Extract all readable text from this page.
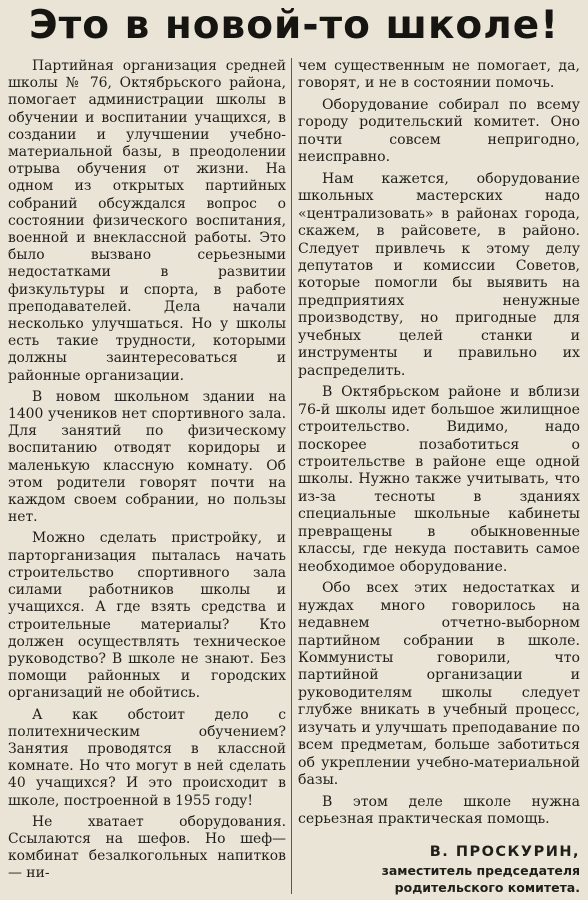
Это в новой-то школе!

Партийная организация средней школы № 76, Октябрьского района, помогает администрации школы в обучении и воспитании учащихся, в создании и улучшении учебно-материальной базы, в преодолении отрыва обучения от жизни. На одном из открытых партийных собраний обсуждался вопрос о состоянии физического воспитания, военной и внеклассной работы. Это было вызвано серьезными недостатками в развитии физкультуры и спорта, в работе преподавателей. Дела начали несколько улучшаться. Но у школы есть такие трудности, которыми должны заинтересоваться и районные организации.

В новом школьном здании на 1400 учеников нет спортивного зала. Для занятий по физическому воспитанию отводят коридоры и маленькую классную комнату. Об этом родители говорят почти на каждом своем собрании, но пользы нет.

Можно сделать пристройку, и парторганизация пыталась начать строительство спортивного зала силами работников школы и учащихся. А где взять средства и строительные материалы? Кто должен осуществлять техническое руководство? В школе не знают. Без помощи районных и городских организаций не обойтись.

А как обстоит дело с политехническим обучением? Занятия проводятся в классной комнате. Но что могут в ней сделать 40 учащихся? И это происходит в школе, построенной в 1955 году!

Не хватает оборудования. Ссылаются на шефов. Но шеф—комбинат безалкогольных напитков — ни-

чем существенным не помогает, да, говорят, и не в состоянии помочь.

Оборудование собирал по всему городу родительский комитет. Оно почти совсем непригодно, неисправно.

Нам кажется, оборудование школьных мастерских надо «централизовать» в районах города, скажем, в райсовете, в районо. Следует привлечь к этому делу депутатов и комиссии Советов, которые помогли бы выявить на предприятиях ненужные производству, но пригодные для учебных целей станки и инструменты и правильно их распределить.

В Октябрьском районе и вблизи 76-й школы идет большое жилищное строительство. Видимо, надо поскорее позаботиться о строительстве в районе еще одной школы. Нужно также учитывать, что из-за тесноты в зданиях специальные школьные кабинеты превращены в обыкновенные классы, где некуда поставить самое необходимое оборудование.

Обо всех этих недостатках и нуждах много говорилось на недавнем отчетно-выборном партийном собрании в школе. Коммунисты говорили, что партийной организации и руководителям школы следует глубже вникать в учебный процесс, изучать и улучшать преподавание по всем предметам, больше заботиться об укреплении учебно-материальной базы.

В этом деле школе нужна серьезная практическая помощь.

В. ПРОСКУРИН,
заместитель председателя
родительского комитета.
